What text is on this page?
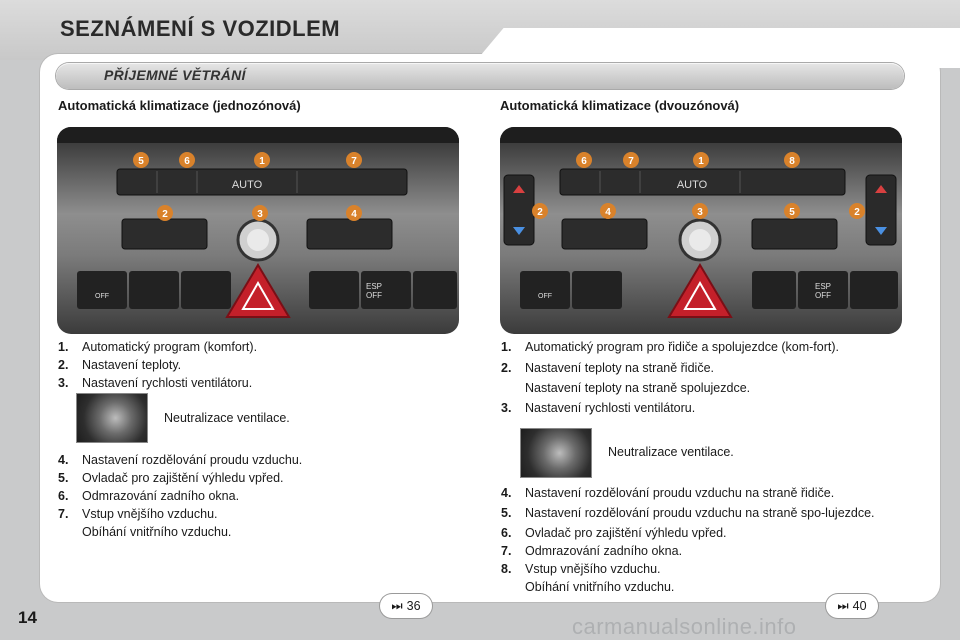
SEZNÁMENÍ S VOZIDLEM
PŘÍJEMNÉ VĚTRÁNÍ
Automatická klimatizace (jednozónová)
AUTO
ESP
OFF
OFF
5	6	1	7
2	3	4
1. Automatický program (komfort).
2. Nastavení teploty.
3. Nastavení rychlosti ventilátoru.
Neutralizace ventilace.
4. Nastavení rozdělování proudu vzduchu.
5. Ovladač pro zajištění výhledu vpřed.
6. Odmrazování zadního okna.
7. Vstup vnějšího vzduchu.
Obíhání vnitřního vzduchu.
Automatická klimatizace (dvouzónová)
AUTO
ESP
OFF
OFF
6	7	1	8
2	4	3	5	2
1. Automatický program pro řidiče a spolujezdce (kom-fort).
2. Nastavení teploty na straně řidiče.
Nastavení teploty na straně spolujezdce.
3. Nastavení rychlosti ventilátoru.
Neutralizace ventilace.
4. Nastavení rozdělování proudu vzduchu na straně řidiče.
5. Nastavení rozdělování proudu vzduchu na straně spo-lujezdce.
6. Ovladač pro zajištění výhledu vpřed.
7. Odmrazování zadního okna.
8. Vstup vnějšího vzduchu.
Obíhání vnitřního vzduchu.
⏭ 36	⏭ 40
14	carmanualsonline.info
